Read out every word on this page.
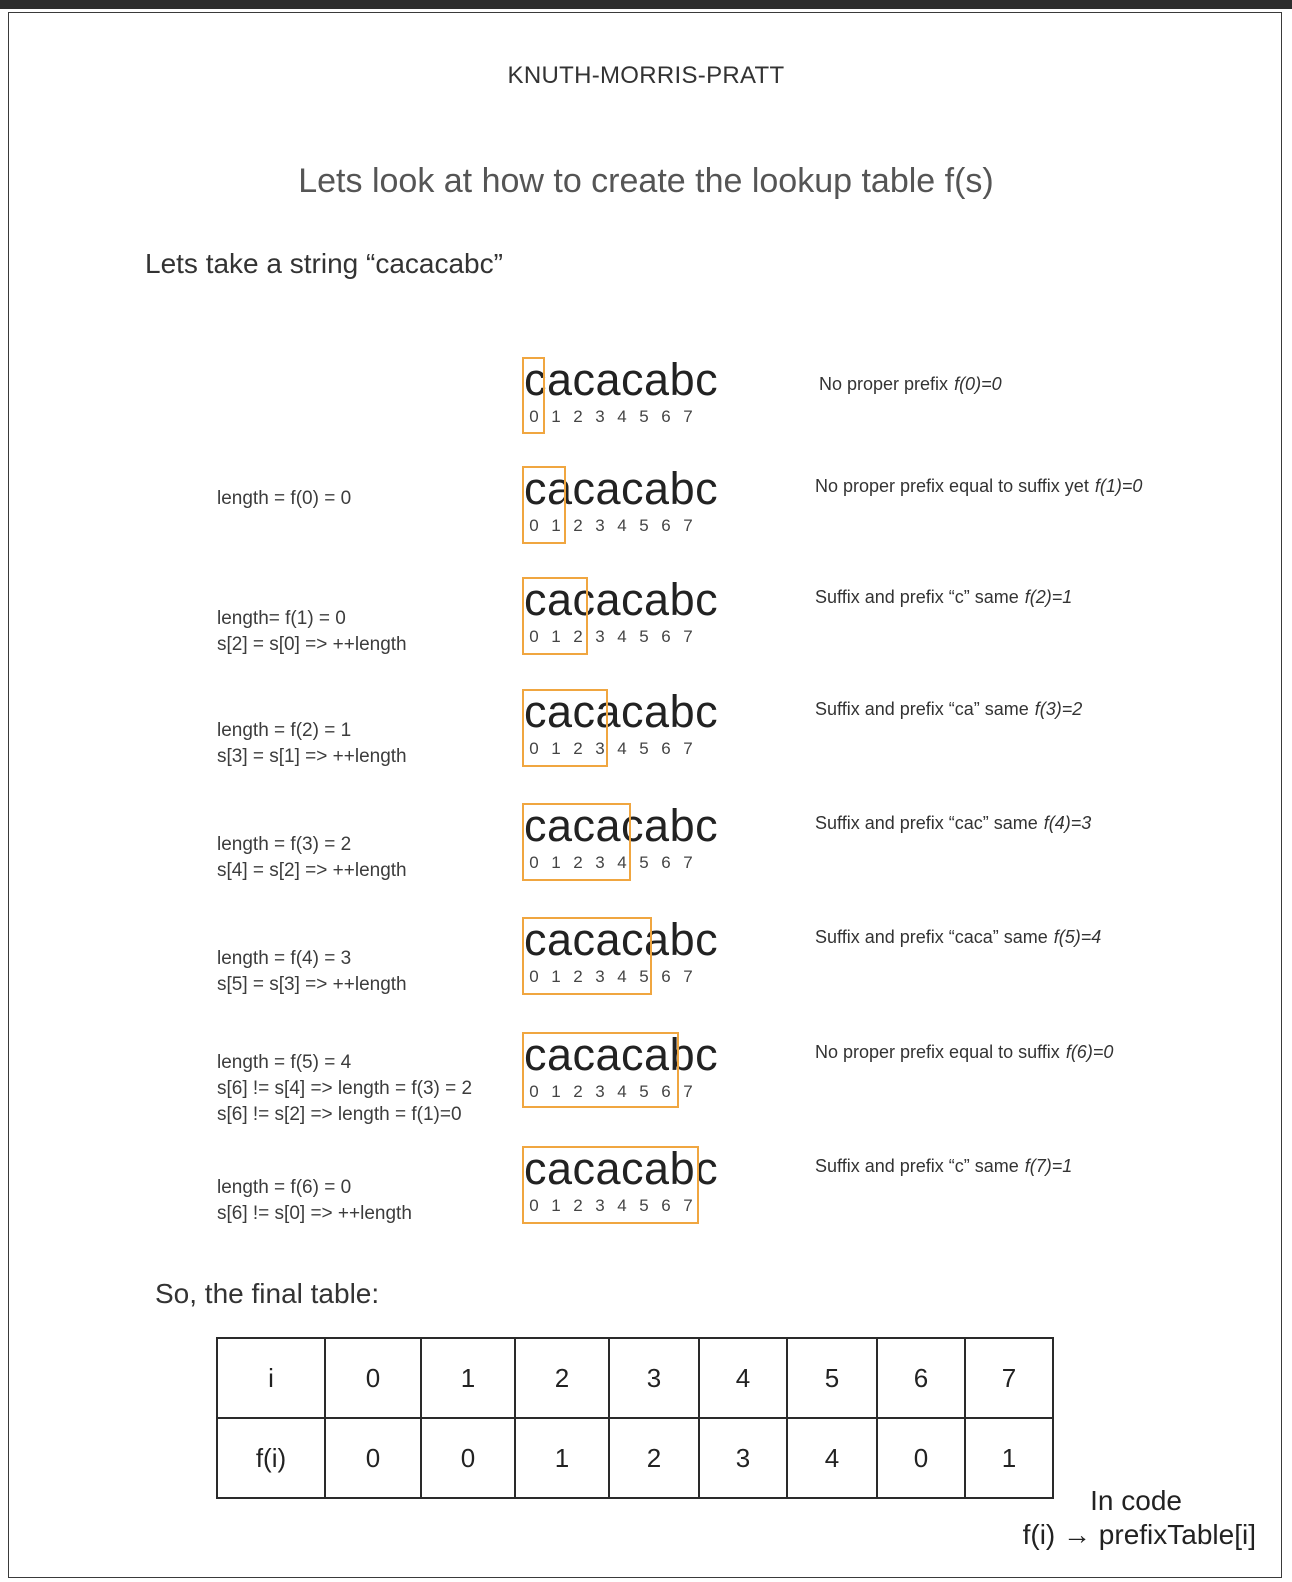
KNUTH-MORRIS-PRATT
Lets look at how to create the lookup table f(s)
Lets take a string “cacacabc”
cacacabc
0 1 2 3 4 5 6 7
No proper prefix f(0)=0
cacacabc
0 1 2 3 4 5 6 7
length = f(0) = 0
No proper prefix equal to suffix yet f(1)=0
cacacabc
0 1 2 3 4 5 6 7
length= f(1) = 0
s[2] = s[0] => ++length
Suffix and prefix “c” same f(2)=1
cacacabc
0 1 2 3 4 5 6 7
length = f(2) = 1
s[3] = s[1] => ++length
Suffix and prefix “ca” same f(3)=2
cacacabc
0 1 2 3 4 5 6 7
length = f(3) = 2
s[4] = s[2] => ++length
Suffix and prefix “cac” same f(4)=3
cacacabc
0 1 2 3 4 5 6 7
length = f(4) = 3
s[5] = s[3] => ++length
Suffix and prefix “caca” same f(5)=4
cacacabc
0 1 2 3 4 5 6 7
length = f(5) = 4
s[6] != s[4] => length = f(3) = 2
s[6] != s[2] => length = f(1)=0
No proper prefix equal to suffix f(6)=0
cacacabc
0 1 2 3 4 5 6 7
length = f(6) = 0
s[6] != s[0] => ++length
Suffix and prefix “c” same f(7)=1
So, the final table:
i	0	1	2	3	4	5	6	7
f(i)	0	0	1	2	3	4	0	1
In code
f(i) → prefixTable[i]
